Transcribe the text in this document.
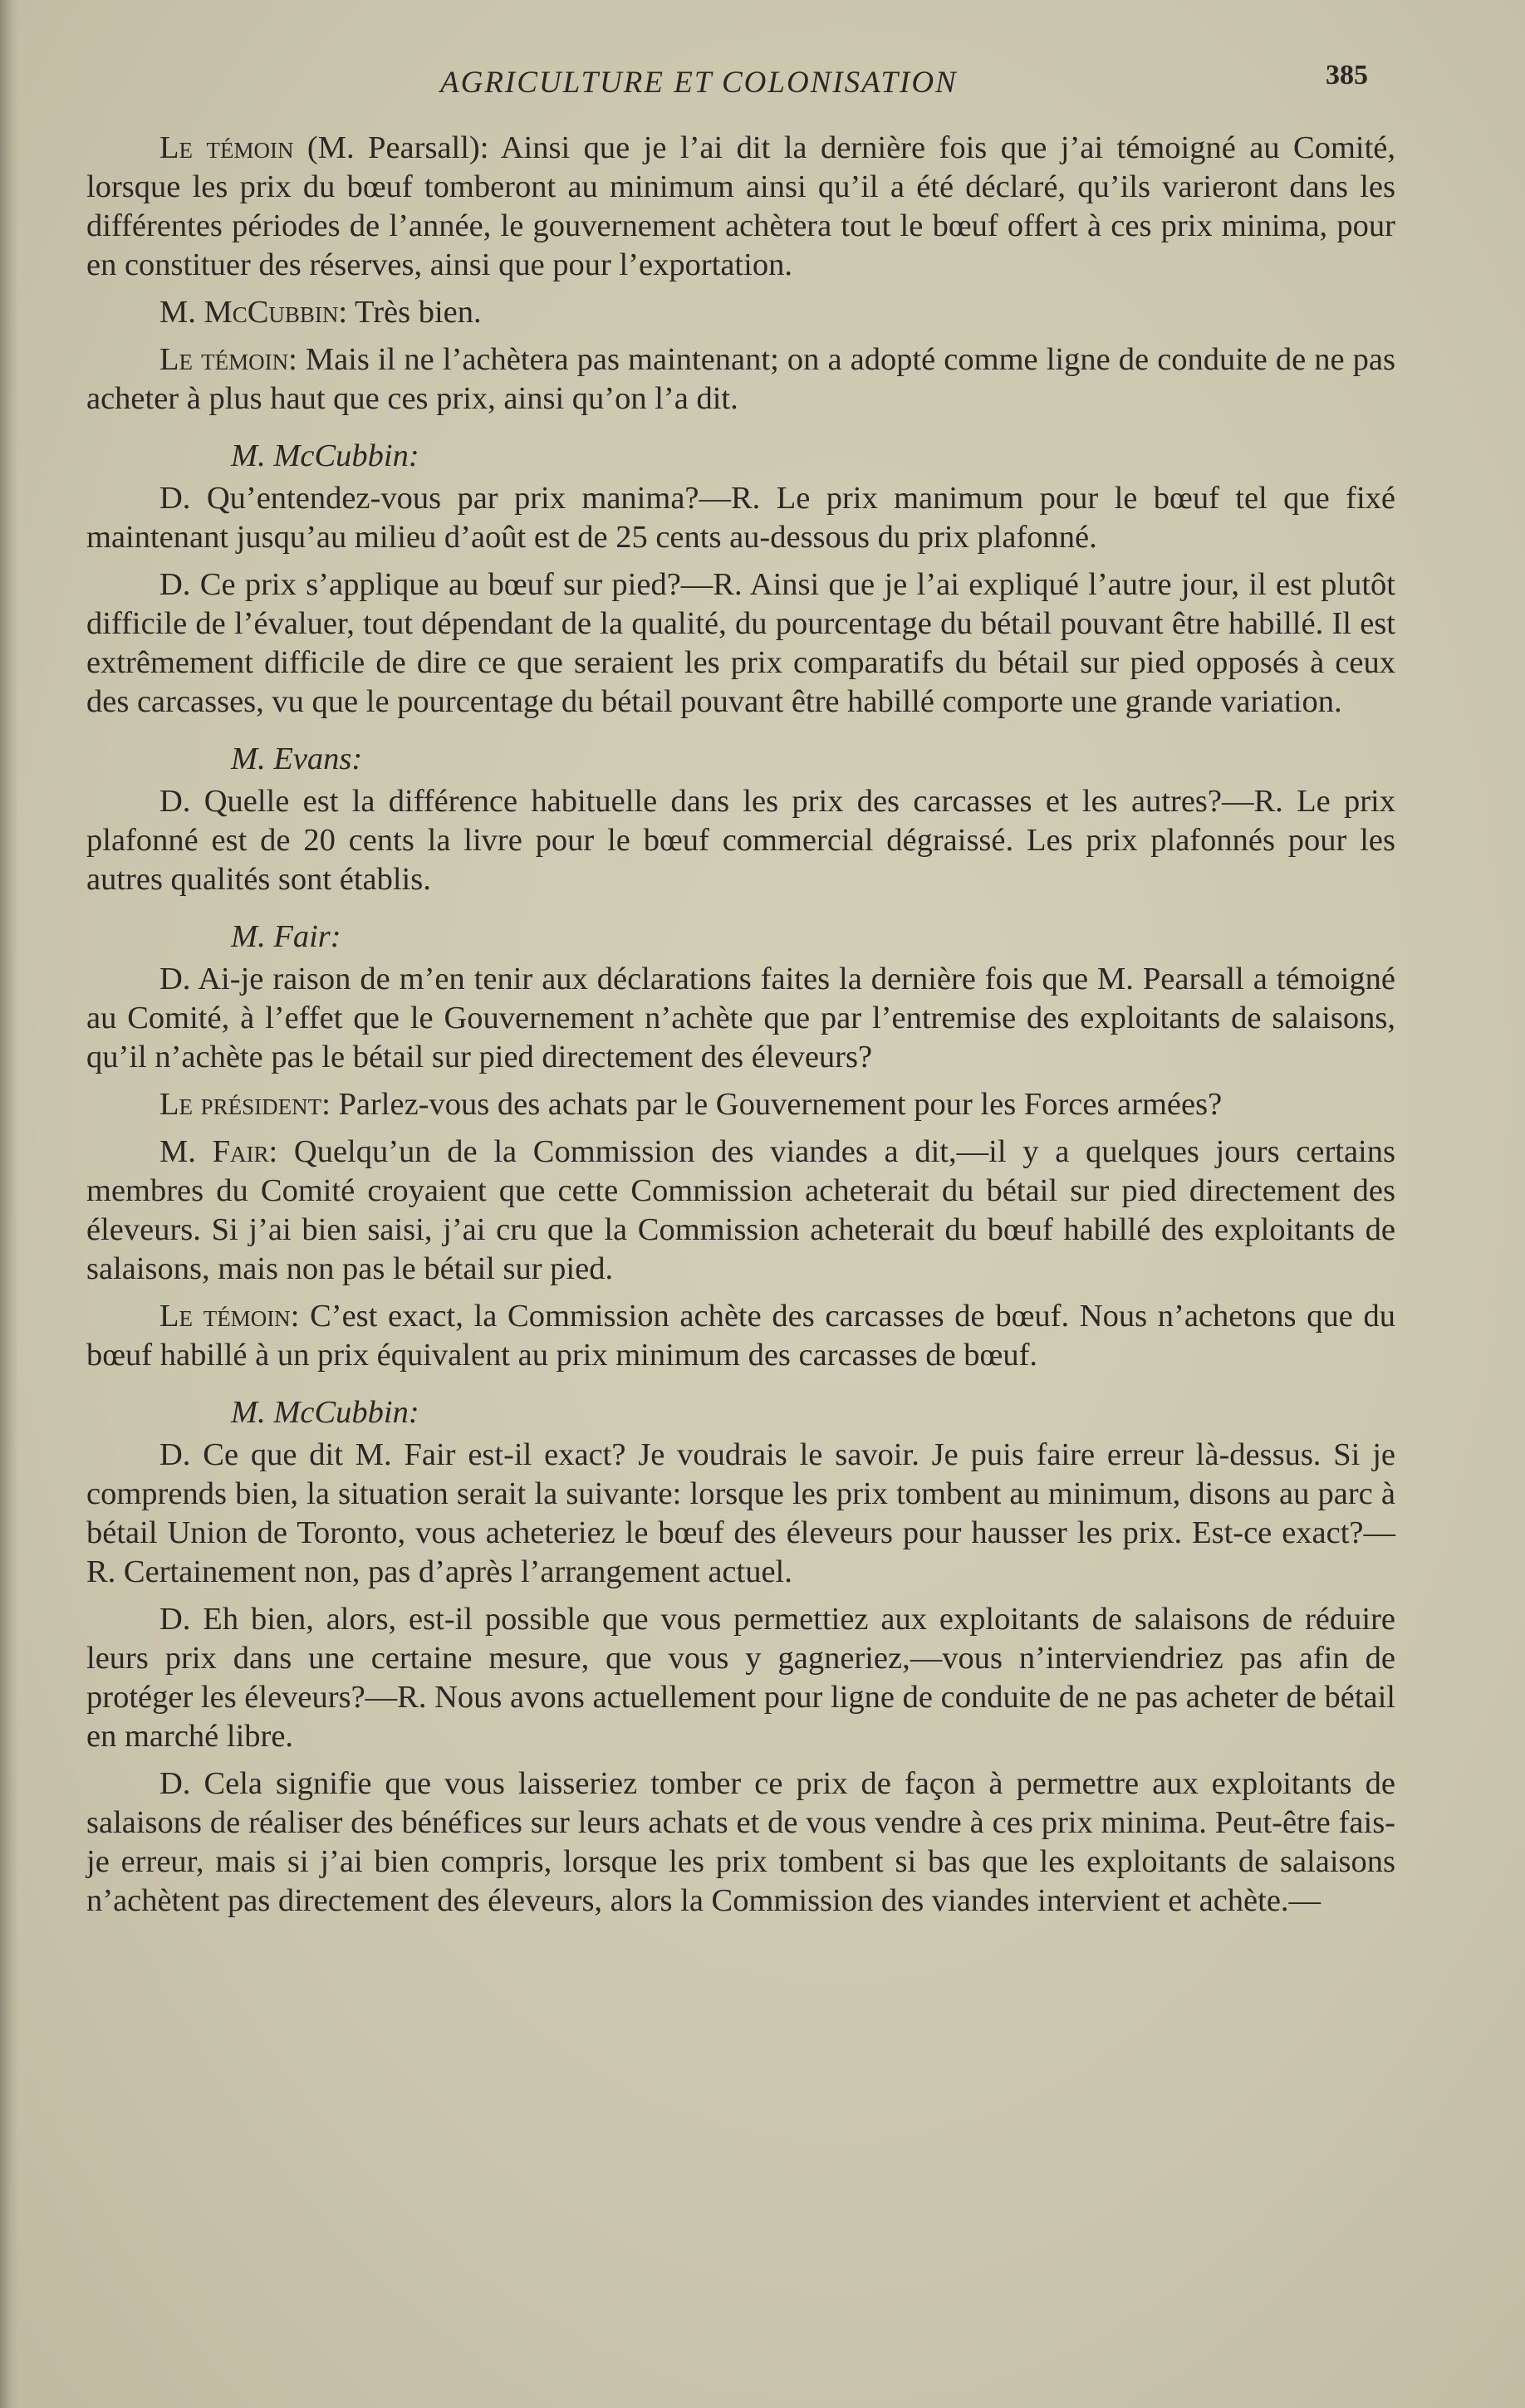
AGRICULTURE ET COLONISATION	385

Le témoin (M. Pearsall): Ainsi que je l’ai dit la dernière fois que j’ai témoigné au Comité, lorsque les prix du bœuf tomberont au minimum ainsi qu’il a été déclaré, qu’ils varieront dans les différentes périodes de l’année, le gouvernement achètera tout le bœuf offert à ces prix minima, pour en constituer des réserves, ainsi que pour l’exportation.

M. McCubbin: Très bien.

Le témoin: Mais il ne l’achètera pas maintenant; on a adopté comme ligne de conduite de ne pas acheter à plus haut que ces prix, ainsi qu’on l’a dit.

M. McCubbin:

D. Qu’entendez-vous par prix manima?—R. Le prix manimum pour le bœuf tel que fixé maintenant jusqu’au milieu d’août est de 25 cents au-dessous du prix plafonné.

D. Ce prix s’applique au bœuf sur pied?—R. Ainsi que je l’ai expliqué l’autre jour, il est plutôt difficile de l’évaluer, tout dépendant de la qualité, du pourcentage du bétail pouvant être habillé. Il est extrêmement difficile de dire ce que seraient les prix comparatifs du bétail sur pied opposés à ceux des carcasses, vu que le pourcentage du bétail pouvant être habillé comporte une grande variation.

M. Evans:

D. Quelle est la différence habituelle dans les prix des carcasses et les autres?—R. Le prix plafonné est de 20 cents la livre pour le bœuf commercial dégraissé. Les prix plafonnés pour les autres qualités sont établis.

M. Fair:

D. Ai-je raison de m’en tenir aux déclarations faites la dernière fois que M. Pearsall a témoigné au Comité, à l’effet que le Gouvernement n’achète que par l’entremise des exploitants de salaisons, qu’il n’achète pas le bétail sur pied directement des éleveurs?

Le président: Parlez-vous des achats par le Gouvernement pour les Forces armées?

M. Fair: Quelqu’un de la Commission des viandes a dit,—il y a quelques jours certains membres du Comité croyaient que cette Commission acheterait du bétail sur pied directement des éleveurs. Si j’ai bien saisi, j’ai cru que la Commission acheterait du bœuf habillé des exploitants de salaisons, mais non pas le bétail sur pied.

Le témoin: C’est exact, la Commission achète des carcasses de bœuf. Nous n’achetons que du bœuf habillé à un prix équivalent au prix minimum des carcasses de bœuf.

M. McCubbin:

D. Ce que dit M. Fair est-il exact? Je voudrais le savoir. Je puis faire erreur là-dessus. Si je comprends bien, la situation serait la suivante: lorsque les prix tombent au minimum, disons au parc à bétail Union de Toronto, vous acheteriez le bœuf des éleveurs pour hausser les prix. Est-ce exact?—R. Certainement non, pas d’après l’arrangement actuel.

D. Eh bien, alors, est-il possible que vous permettiez aux exploitants de salaisons de réduire leurs prix dans une certaine mesure, que vous y gagneriez,—vous n’interviendriez pas afin de protéger les éleveurs?—R. Nous avons actuellement pour ligne de conduite de ne pas acheter de bétail en marché libre.

D. Cela signifie que vous laisseriez tomber ce prix de façon à permettre aux exploitants de salaisons de réaliser des bénéfices sur leurs achats et de vous vendre à ces prix minima. Peut-être fais-je erreur, mais si j’ai bien compris, lorsque les prix tombent si bas que les exploitants de salaisons n’achètent pas directement des éleveurs, alors la Commission des viandes intervient et achète.—
